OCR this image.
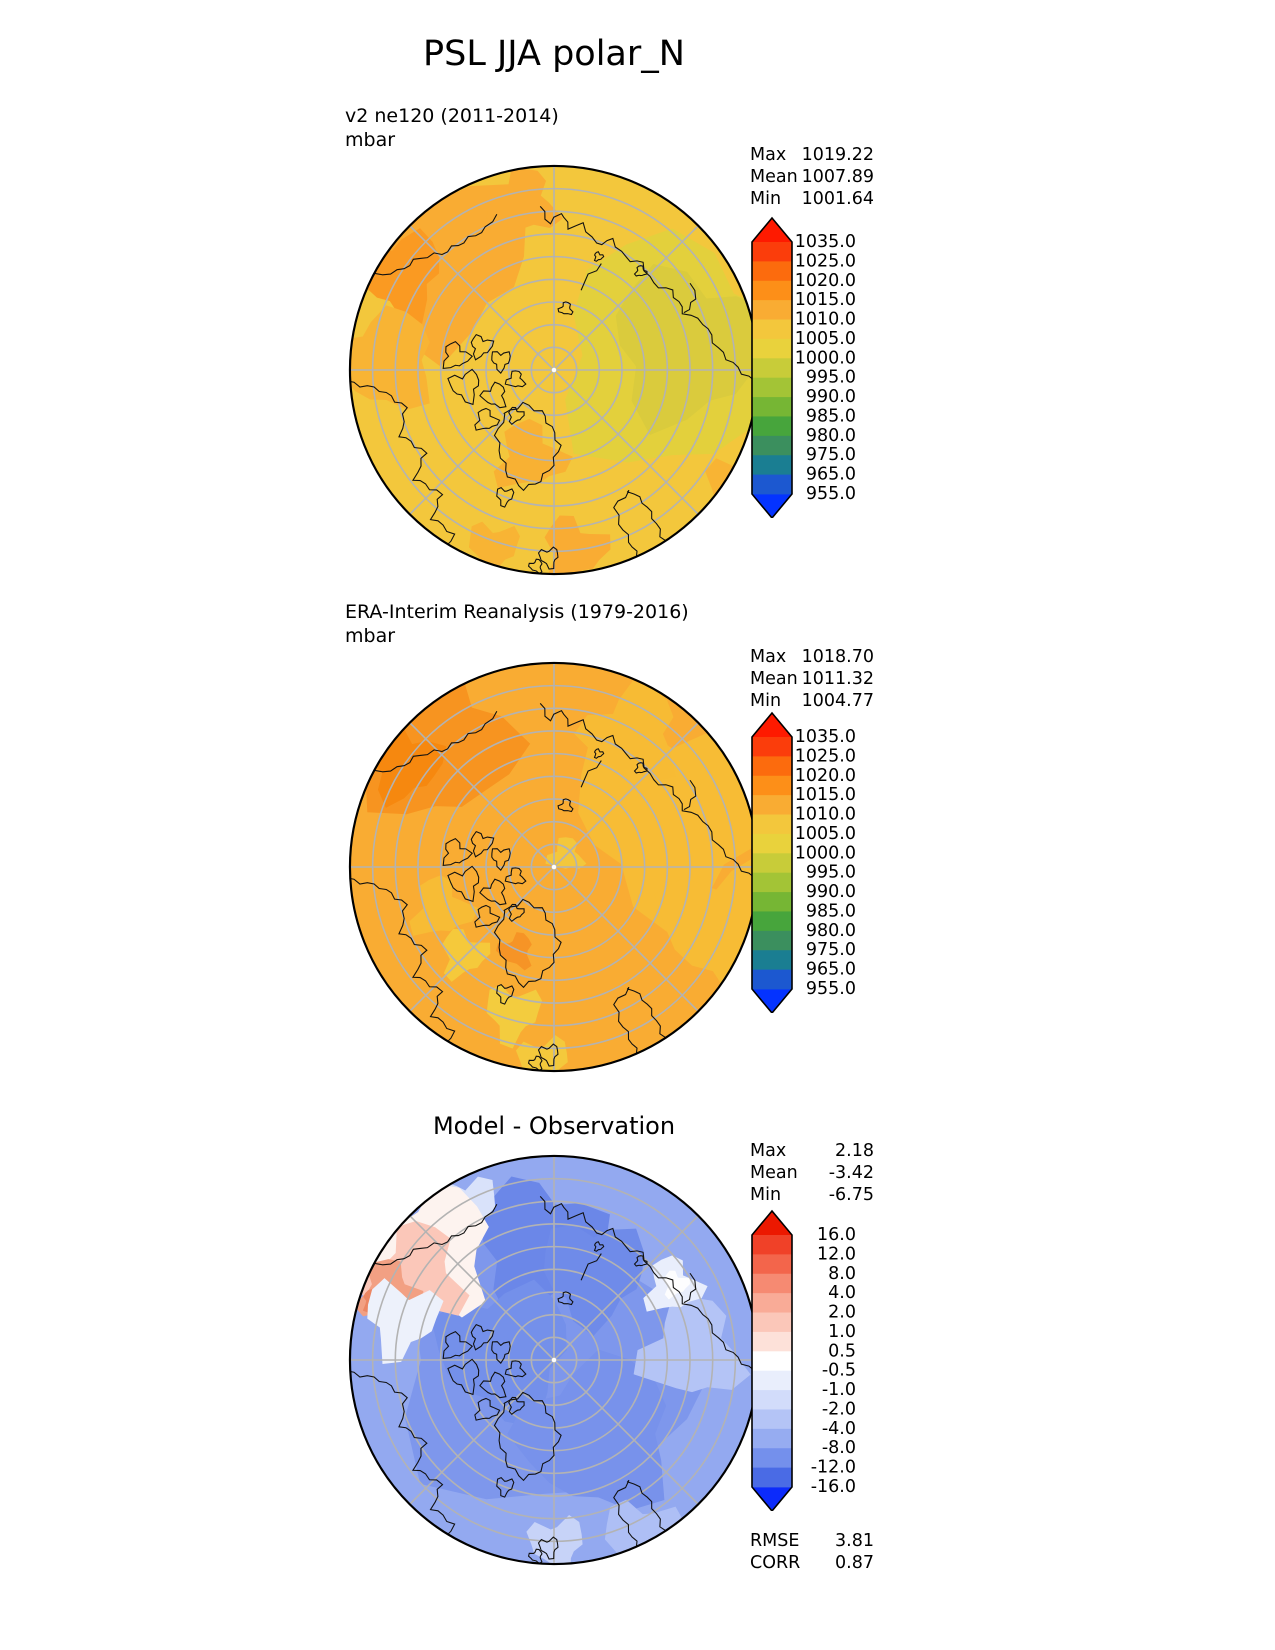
PSL JJA polar_N
v2 ne120 (2011-2014)
mbar
Max 1019.22
Mean 1007.89
Min 1001.64
1035.0
1025.0
1020.0
1015.0
1010.0
1005.0
1000.0
995.0
990.0
985.0
980.0
975.0
965.0
955.0
ERA-Interim Reanalysis (1979-2016)
mbar
Max 1018.70
Mean 1011.32
Min 1004.77
1035.0
1025.0
1020.0
1015.0
1010.0
1005.0
1000.0
995.0
990.0
985.0
980.0
975.0
965.0
955.0
Model - Observation
Max	2.18
Mean -3.42
Min	-6.75
16.0
12.0
8.0
4.0
2.0
1.0
0.5
-0.5
-1.0
-2.0
-4.0
-8.0
-12.0
-16.0
RMSE 3.81
CORR 0.87
